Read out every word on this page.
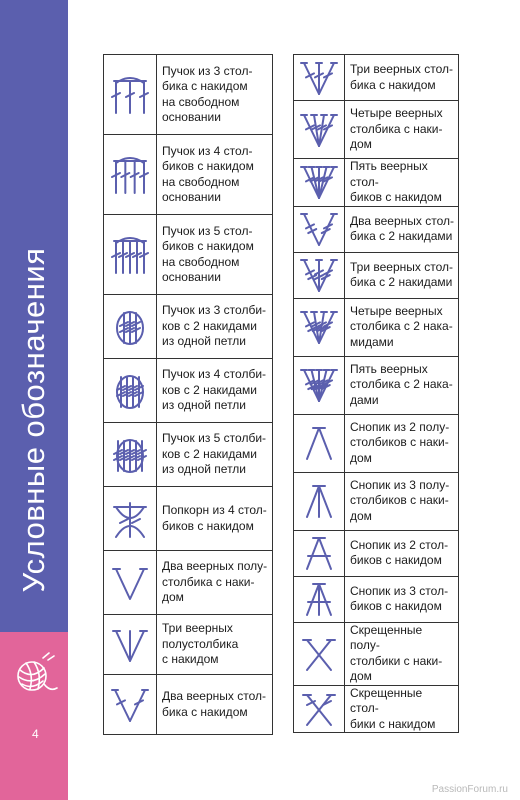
Условные обозначения
4

Пучок из 3 стол-
бика с накидом
на свободном
основании

Пучок из 4 стол-
биков с накидом
на свободном
основании

Пучок из 5 стол-
биков с накидом
на свободном
основании

Пучок из 3 столби-
ков с 2 накидами
из одной петли

Пучок из 4 столби-
ков с 2 накидами
из одной петли

Пучок из 5 столби-
ков с 2 накидами
из одной петли

Попкорн из 4 стол-
биков с накидом

Два веерных полу-
столбика с наки-
дом

Три веерных
полустолбика
с накидом

Два веерных стол-
бика с накидом

Три веерных стол-
бика с накидом

Четыре веерных
столбика с наки-
дом

Пять веерных стол-
биков с накидом

Два веерных стол-
бика с 2 накидами

Три веерных стол-
бика с 2 накидами

Четыре веерных
столбика с 2 нака-
мидами

Пять веерных
столбика с 2 нака-
дами

Снопик из 2 полу-
столбиков с наки-
дом

Снопик из 3 полу-
столбиков с наки-
дом

Снопик из 2 стол-
биков с накидом

Снопик из 3 стол-
биков с накидом

Скрещенные полу-
столбики с наки-
дом

Скрещенные стол-
бики с накидом
PassionForum.ru
